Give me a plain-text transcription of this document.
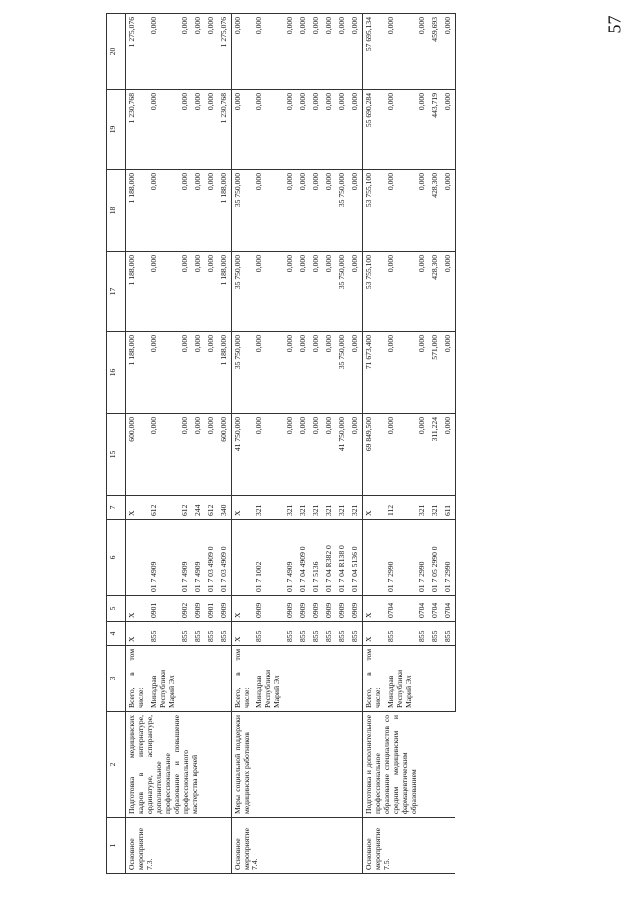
57
1	2	3	4	5	6	7	15	16	17	18	19	20
Основное мероприятие 7.3.	Подготовка медицинских кадров в интернатуре, ординатуре, аспирантуре, дополнительное профессиональное образование и повышение профессионального мастерства врачей	Всего, в том числе:	Х	Х		Х	600,000	1 188,000	1 188,000	1 188,000	1 230,768	1 275,076
		Минздрав Республики Марий Эл	855	0901	01 7 4909	612	0,000	0,000	0,000	0,000	0,000	0,000
			855	0902	01 7 4909	612	0,000	0,000	0,000	0,000	0,000	0,000
			855	0909	01 7 4909	244	0,000	0,000	0,000	0,000	0,000	0,000
			855	0901	01 7 03 4909 0	612	0,000	0,000	0,000	0,000	0,000	0,000
			855	0909	01 7 03 4909 0	340	600,000	1 188,000	1 188,000	1 188,000	1 230,768	1 275,076
Основное мероприятие 7.4.	Меры социальной поддержки медицинских работников	Всего, в том числе:	Х	Х		Х	41 750,000	35 750,000	35 750,000	35 750,000	0,000	0,000
		Минздрав Республики Марий Эл	855	0909	01 7 1002	321	0,000	0,000	0,000	0,000	0,000	0,000
			855	0909	01 7 4909	321	0,000	0,000	0,000	0,000	0,000	0,000
			855	0909	01 7 04 4909 0	321	0,000	0,000	0,000	0,000	0,000	0,000
			855	0909	01 7 5136	321	0,000	0,000	0,000	0,000	0,000	0,000
			855	0909	01 7 04 R382 0	321	0,000	0,000	0,000	0,000	0,000	0,000
			855	0909	01 7 04 R138 0	321	41 750,000	35 750,000	35 750,000	35 750,000	0,000	0,000
			855	0909	01 7 04 5136 0	321	0,000	0,000	0,000	0,000	0,000	0,000
Основное мероприятие 7.5.	Подготовка и дополнительное профессиональное образование специалистов со средним медицинским и фармацевтическим образованием	Всего, в том числе:	Х	Х		Х	69 849,500	71 673,400	53 755,100	53 755,100	55 690,284	57 695,134
		Минздрав Республики Марий Эл	855	0704	01 7 2990	112	0,000	0,000	0,000	0,000	0,000	0,000
			855	0704	01 7 2990	321	0,000	0,000	0,000	0,000	0,000	0,000
			855	0704	01 7 05 2990 0	321	311,224	571,000	428,300	428,300	443,719	459,693
			855	0704	01 7 2990	611	0,000	0,000	0,000	0,000	0,000	0,000
